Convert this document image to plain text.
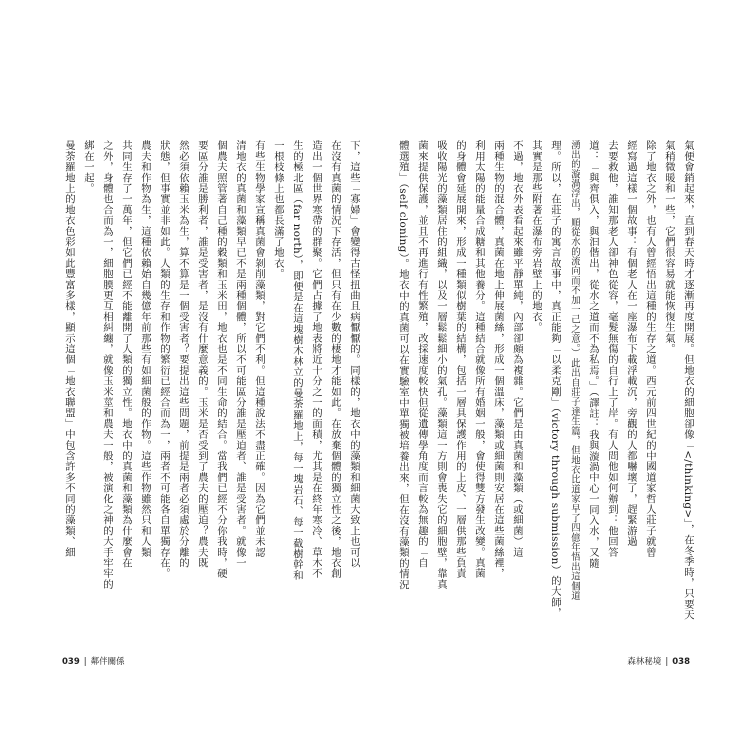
氣便會銷起來，直到春天時才逐漸再度開展。但地衣的細胞卻像「</thinking>」，在冬季時，只要天
氣稍微暖和一些，它們很容易就能恢復生氣。
除了地衣之外，也有人曾經悟出這種的生存之道。西元前四世紀的中國道家哲人莊子就曾
經寫過這樣一個故事：有個老人在一座瀑布下載浮載沉，旁觀的人都嚇壞了，趕緊游過
去要救他，誰知那老人卻神色從容，毫髮無傷的自行上了岸。有人問他如何辦到：他回答
道：「與齊俱入，與汩偕出，從水之道而不為私焉。」（譯註：我與漩渦中心一同入水，又隨
湧出的漩渦浮出，順從水的流向而不加一己之意。）此出自莊子達生篇，但地衣比道家早了四億年悟出這個道
理。所以，在莊子的寓言故事中，真正能夠「以柔克剛」（victory through submission）的大師，
其實是那些附著在瀑布旁岩壁上的地衣。
不過，地衣外表看起來雖平靜單純，內部卻頗為複雜。它們是由真菌和藻類（或細菌）這
兩種生物的混合體，真菌在地上伸展菌絲，形成一個溫床，藻類或細菌則安居在這些菌絲裡，
利用太陽的能量合成糖和其他養分。這種結合就像所有婚姻一般，會使得雙方發生改變。真菌
的身體會延展開來，形成一種類似樹葉的結構，包括一層具保護作用的上皮、一層供那些負責
吸收陽光的藻類居住的組織，以及一層鬆鬆細小的氣孔。藻類這一方則會喪失它的細胞壁，靠真
菌來提供保護，並且不再進行有性繁殖，改採速度較快但從遺傳學角度而言較為無趣的「自
體選殖」（self cloning）。地衣中的真菌可以在實驗室中單獨被培養出來，但在沒有藻類的情況
下，這些「寡婦」會變得古怪扭曲且病懨懨的。同樣的，地衣中的藻類和細菌大致上也可以
在沒有真菌的情況下存活，但只有在少數的棲地才能如此。在放棄個體的獨立性之後，地衣創
造出一個世界寒帶的群聚。它們占據了地表將近十分之一的面積，尤其是在終年寒冷、草木不
生的極北區（far north），即便是在這塊樹木林立的曼荼羅地上，每一塊岩石、每一截樹幹和
一根枝條上也都長滿了地衣。
有些生物學家宣稱真菌會剝削藻類，對它們不利。但這種說法不盡正確。因為它們並未認
清地衣的真菌和藻類早已不是兩種個體，所以不可能區分誰是壓迫者、誰是受害者。就像一
個農夫照管著自己種的穀類和玉米田，地衣也是不同生命的結合。當我們已經不分你我時，硬
要區分誰是勝利者，誰是受害者，是沒有什麼意義的。玉米是否受到了農夫的壓迫？農夫既
然必須依賴玉米為生，算不算是一個受害者？要提出這些問題，前提是兩者必須處於分離的
狀態，但事實並非如此。人類的生存和作物的繁衍已經合而為一，兩者不可能各自單獨存在。
農夫和作物為生，這種依賴始自幾億年前那些有如細菌般的作物。這些作物雖然只和人類
共同生存了一萬年，但它們已經不能離開了人類的獨立性。地衣中的真菌和藻類為什麼會在
之外，身體也合而為一，細胞膜更互相糾纏，就像玉米莖和農夫一般，被演化之神的大手牢牢的
綁在一起。
曼荼羅地上的地衣色彩如此豐富多樣，顯示這個「地衣聯盟」中包含許多不同的藻類、細
039 | 鄰伴關係	森林秘境 | 038
